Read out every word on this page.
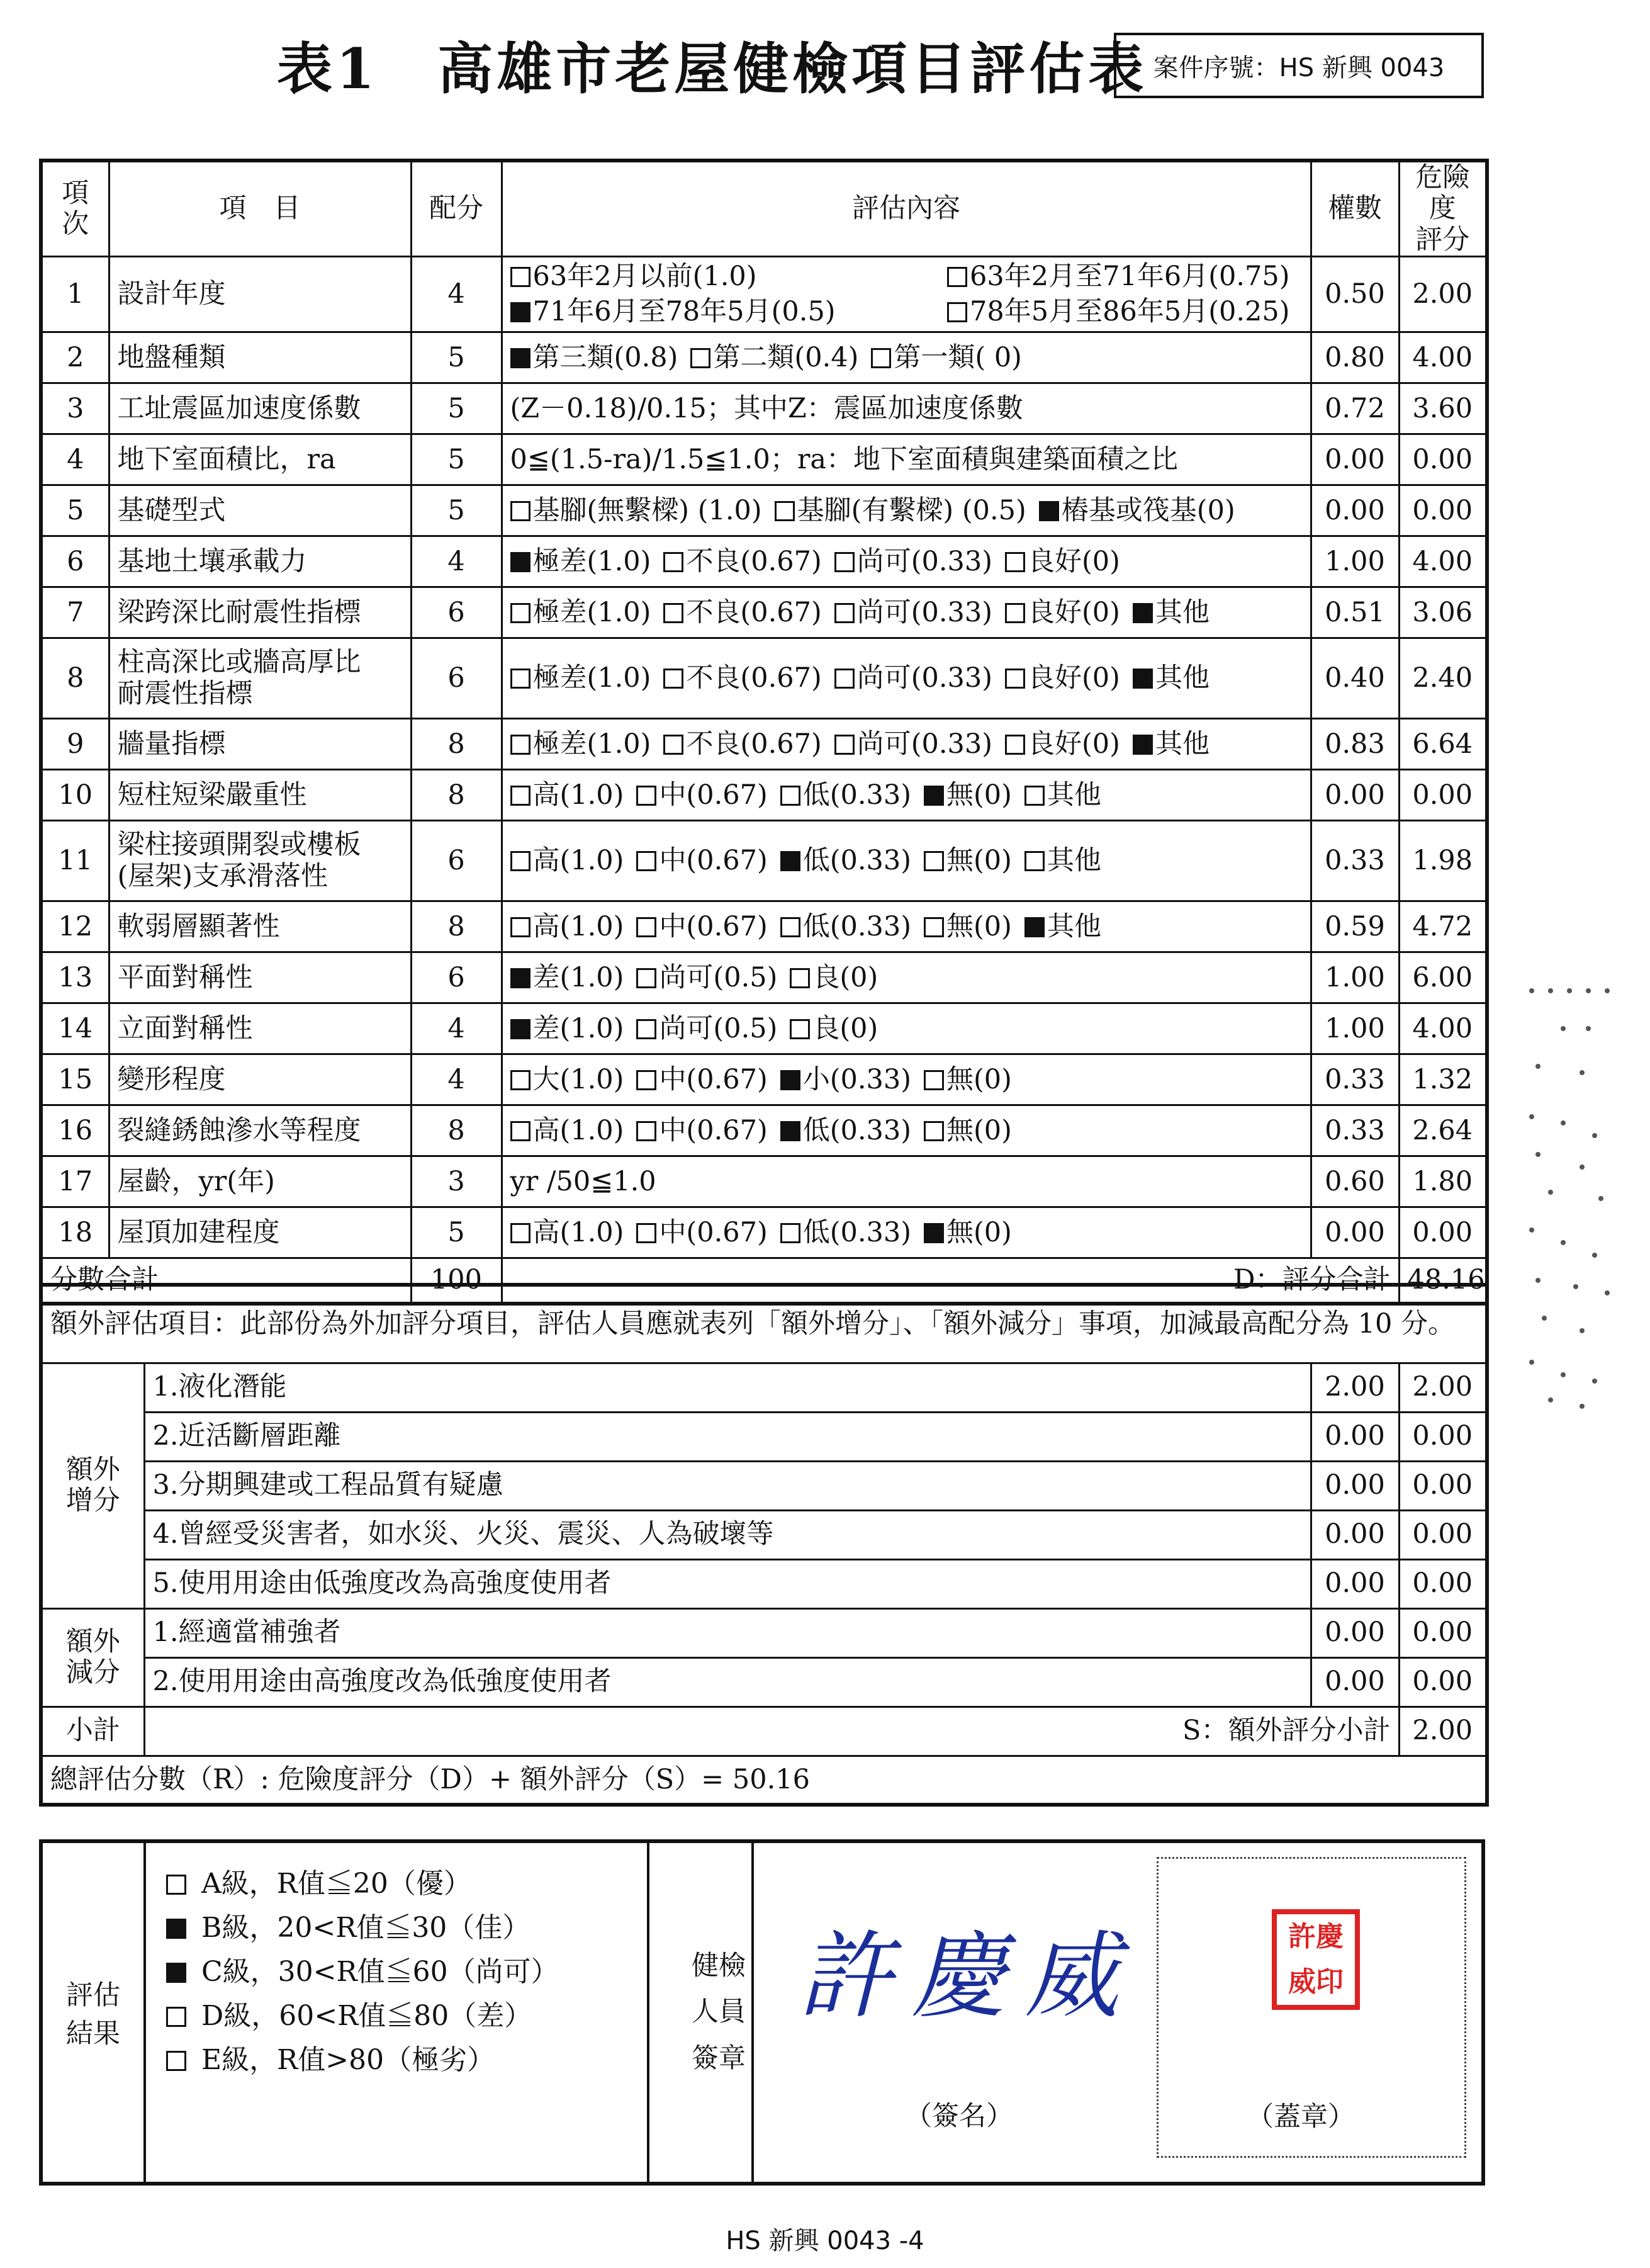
表1　高雄市老屋健檢項目評估表 案件序號：HS 新興 0043
項次	項　目	配分	評估內容	權數	危險度
評分
1	設計年度	4	63年2月以前(1.0) 63年2月至71年6月(0.75)
71年6月至78年5月(0.5) 78年5月至86年5月(0.25)	0.50	2.00
2	地盤種類	5	第三類(0.8) 第二類(0.4) 第一類( 0)	0.80	4.00
3	工址震區加速度係數	5	(Z－0.18)/0.15；其中Z：震區加速度係數	0.72	3.60
4	地下室面積比，ra	5	0≦(1.5-ra)/1.5≦1.0；ra：地下室面積與建築面積之比	0.00	0.00
5	基礎型式	5	基腳(無繫樑) (1.0) 基腳(有繫樑) (0.5) 樁基或筏基(0)	0.00	0.00
6	基地土壤承載力	4	極差(1.0) 不良(0.67) 尚可(0.33) 良好(0)	1.00	4.00
7	梁跨深比耐震性指標	6	極差(1.0) 不良(0.67) 尚可(0.33) 良好(0) 其他	0.51	3.06
8	柱高深比或牆高厚比
耐震性指標	6	極差(1.0) 不良(0.67) 尚可(0.33) 良好(0) 其他	0.40	2.40
9	牆量指標	8	極差(1.0) 不良(0.67) 尚可(0.33) 良好(0) 其他	0.83	6.64
10	短柱短梁嚴重性	8	高(1.0) 中(0.67) 低(0.33) 無(0) 其他	0.00	0.00
11	梁柱接頭開裂或樓板
(屋架)支承滑落性	6	高(1.0) 中(0.67) 低(0.33) 無(0) 其他	0.33	1.98
12	軟弱層顯著性	8	高(1.0) 中(0.67) 低(0.33) 無(0) 其他	0.59	4.72
13	平面對稱性	6	差(1.0) 尚可(0.5) 良(0)	1.00	6.00
14	立面對稱性	4	差(1.0) 尚可(0.5) 良(0)	1.00	4.00
15	變形程度	4	大(1.0) 中(0.67) 小(0.33) 無(0)	0.33	1.32
16	裂縫銹蝕滲水等程度	8	高(1.0) 中(0.67) 低(0.33) 無(0)	0.33	2.64
17	屋齡，yr(年)	3	yr /50≦1.0	0.60	1.80
18	屋頂加建程度	5	高(1.0) 中(0.67) 低(0.33) 無(0)	0.00	0.00
分數合計		100	D：評分合計		48.16
額外評估項目：此部份為外加評分項目，評估人員應就表列「額外增分」、「額外減分」事項，加減最高配分為 10 分。			
額外
增分	1.液化潛能	2.00	2.00
	2.近活斷層距離	0.00	0.00
	3.分期興建或工程品質有疑慮	0.00	0.00
	4.曾經受災害者，如水災、火災、震災、人為破壞等	0.00	0.00
	5.使用用途由低強度改為高強度使用者	0.00	0.00
額外
減分	1.經適當補強者	0.00	0.00
	2.使用用途由高強度改為低強度使用者	0.00	0.00
小計	S：額外評分小計		2.00
總評估分數（R）: 危險度評分（D）+ 額外評分（S）= 50.16			
評估
結果
A級，R值≦20（優）
B級，20<R值≦30（佳）
C級，30<R值≦60（尚可）
D級，60<R值≦80（差）
E級，R值>80（極劣）
健檢
人員
簽章
許慶威
（簽名）
許慶
威印
（蓋章）
HS 新興 0043 -4
